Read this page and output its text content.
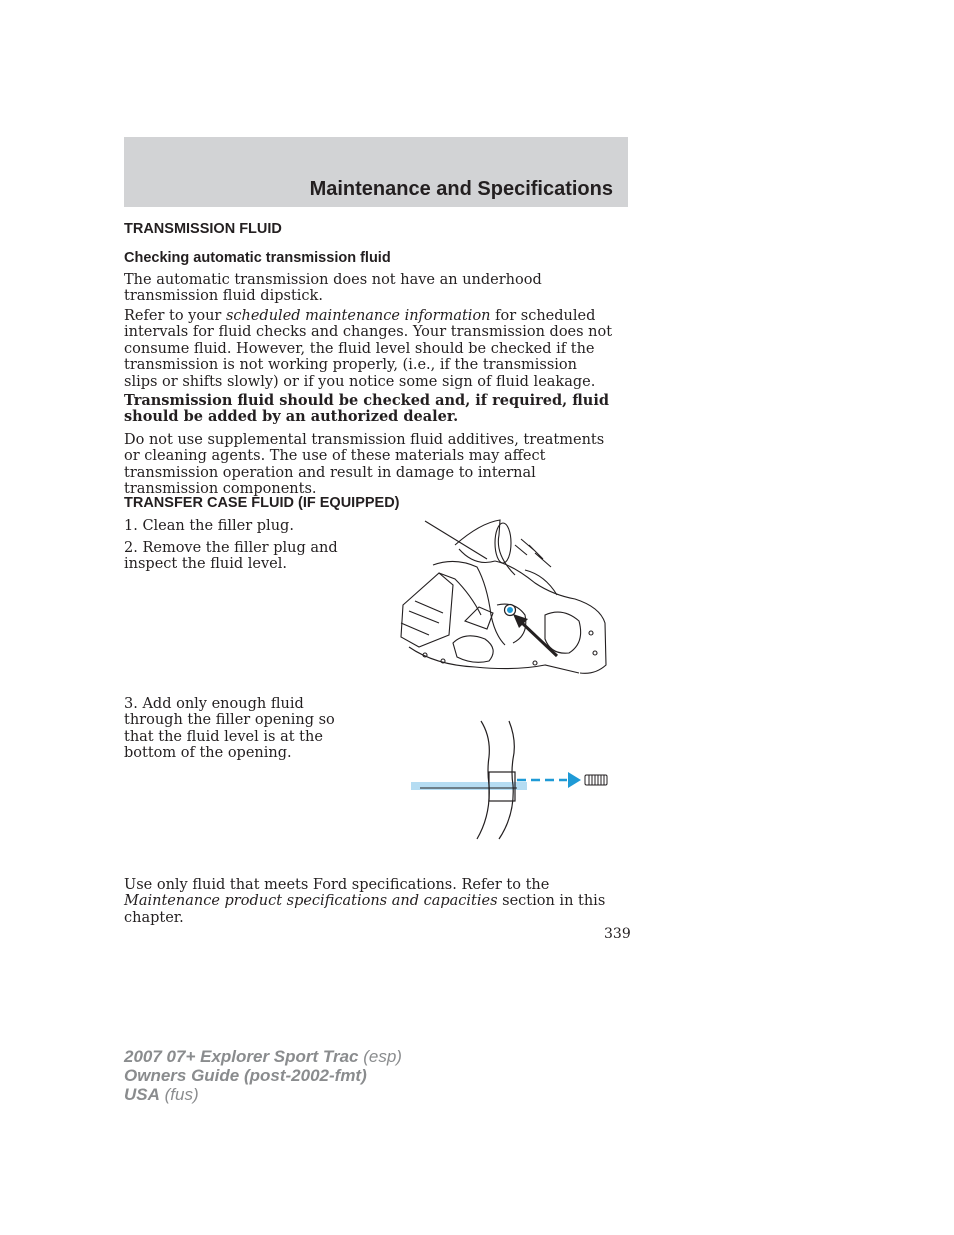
Maintenance and Specifications
TRANSMISSION FLUID
Checking automatic transmission fluid

The automatic transmission does not have an underhood transmission fluid dipstick.

Refer to your scheduled maintenance information for scheduled intervals for fluid checks and changes. Your transmission does not consume fluid. However, the fluid level should be checked if the transmission is not working properly, (i.e., if the transmission slips or shifts slowly) or if you notice some sign of fluid leakage.

Transmission fluid should be checked and, if required, fluid should be added by an authorized dealer.

Do not use supplemental transmission fluid additives, treatments or cleaning agents. The use of these materials may affect transmission operation and result in damage to internal transmission components.

TRANSFER CASE FLUID (IF EQUIPPED)

1. Clean the filler plug.

2. Remove the filler plug and inspect the fluid level.

3. Add only enough fluid through the filler opening so that the fluid level is at the bottom of the opening.

Use only fluid that meets Ford specifications. Refer to the Maintenance product specifications and capacities section in this chapter.

339
2007 07+ Explorer Sport Trac (esp)
Owners Guide (post-2002-fmt)
USA (fus)
